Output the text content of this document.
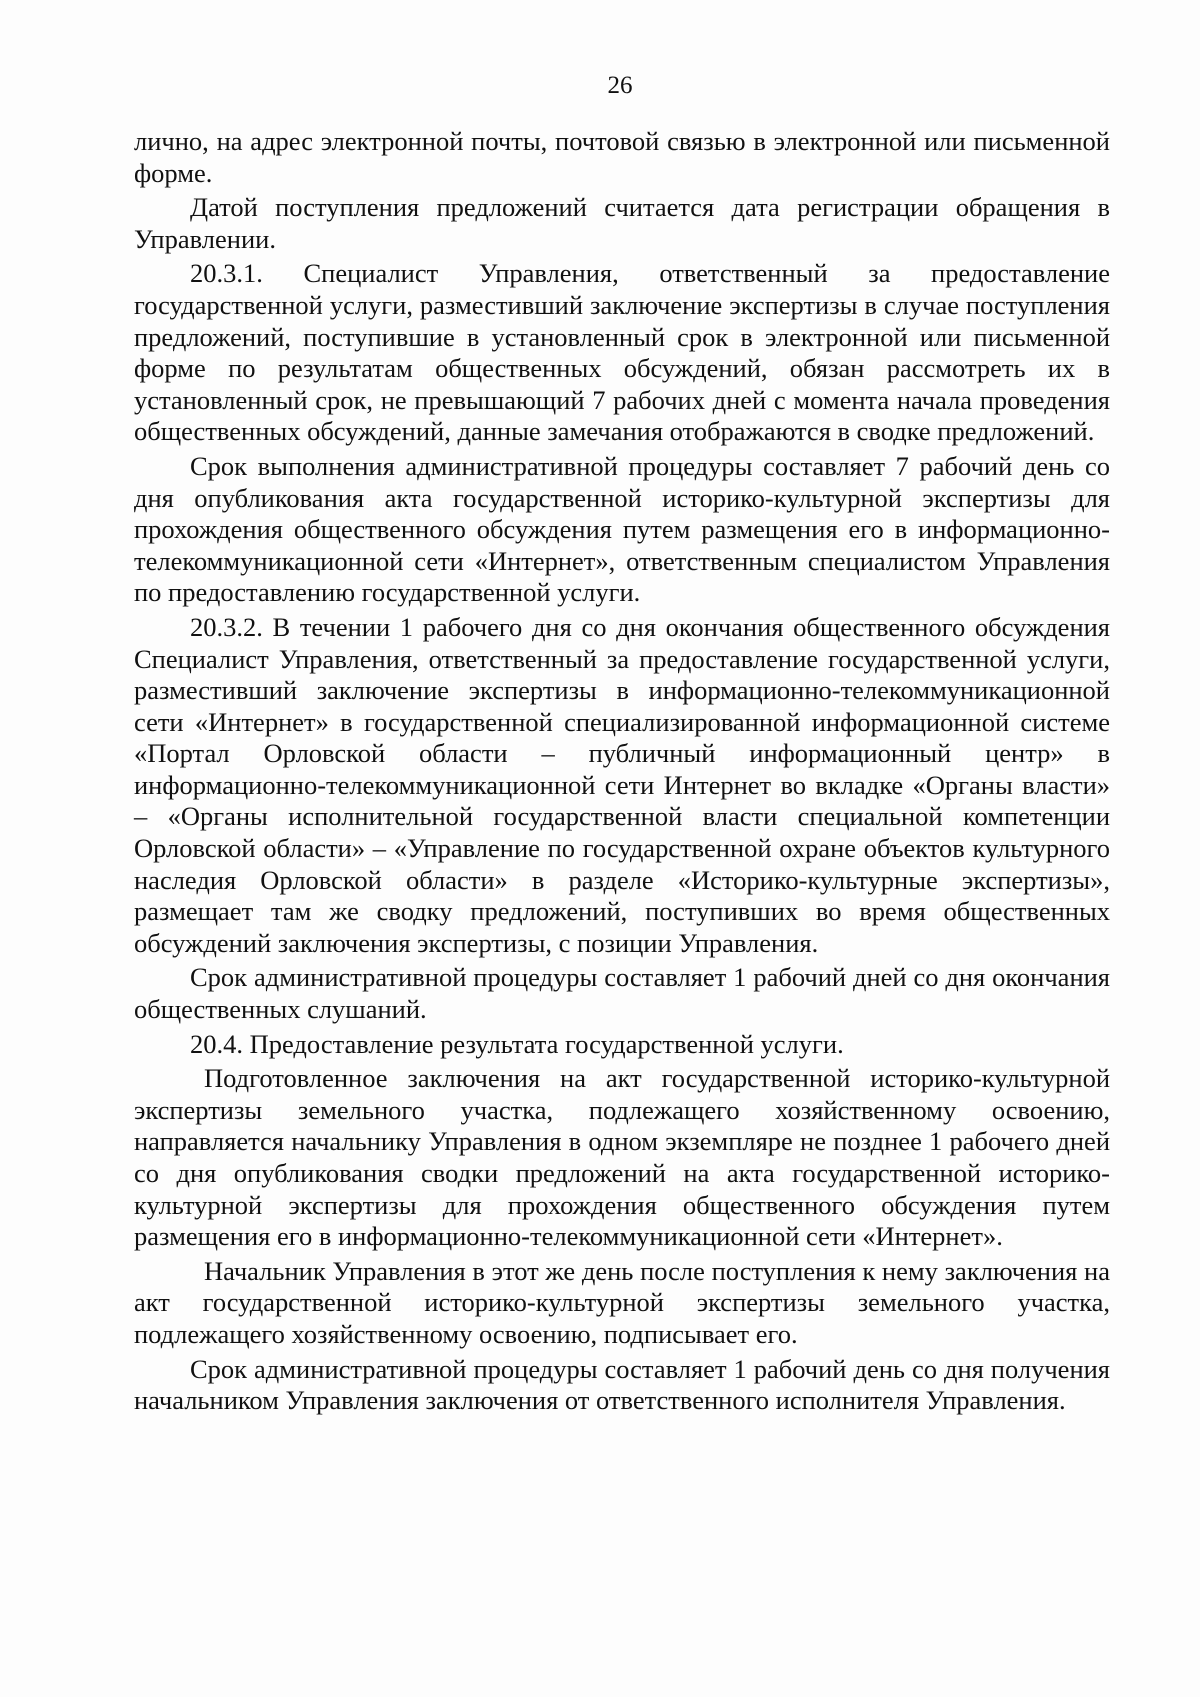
26

лично, на адрес электронной почты, почтовой связью в электронной или письменной форме.

Датой поступления предложений считается дата регистрации обращения в Управлении.

20.3.1. Специалист Управления, ответственный за предоставление государственной услуги, разместивший заключение экспертизы в случае поступления предложений, поступившие в установленный срок в электронной или письменной форме по результатам общественных обсуждений, обязан рассмотреть их в установленный срок, не превышающий 7 рабочих дней с момента начала проведения общественных обсуждений, данные замечания отображаются в сводке предложений.

Срок выполнения административной процедуры составляет 7 рабочий день со дня опубликования акта государственной историко-культурной экспертизы для прохождения общественного обсуждения путем размещения его в информационно-телекоммуникационной сети «Интернет», ответственным специалистом Управления по предоставлению государственной услуги.

20.3.2. В течении 1 рабочего дня со дня окончания общественного обсуждения Специалист Управления, ответственный за предоставление государственной услуги, разместивший заключение экспертизы в информационно-телекоммуникационной сети «Интернет» в государственной специализированной информационной системе «Портал Орловской области – публичный информационный центр» в информационно-телекоммуникационной сети Интернет во вкладке «Органы власти» – «Органы исполнительной государственной власти специальной компетенции Орловской области» – «Управление по государственной охране объектов культурного наследия Орловской области» в разделе «Историко-культурные экспертизы», размещает там же сводку предложений, поступивших во время общественных обсуждений заключения экспертизы, с позиции Управления.

Срок административной процедуры составляет 1 рабочий дней со дня окончания общественных слушаний.

20.4. Предоставление результата государственной услуги.

Подготовленное заключения на акт государственной историко-культурной экспертизы земельного участка, подлежащего хозяйственному освоению, направляется начальнику Управления в одном экземпляре не позднее 1 рабочего дней со дня опубликования сводки предложений на акта государственной историко-культурной экспертизы для прохождения общественного обсуждения путем размещения его в информационно-телекоммуникационной сети «Интернет».

Начальник Управления в этот же день после поступления к нему заключения на акт государственной историко-культурной экспертизы земельного участка, подлежащего хозяйственному освоению, подписывает его.

Срок административной процедуры составляет 1 рабочий день со дня получения начальником Управления заключения от ответственного исполнителя Управления.
